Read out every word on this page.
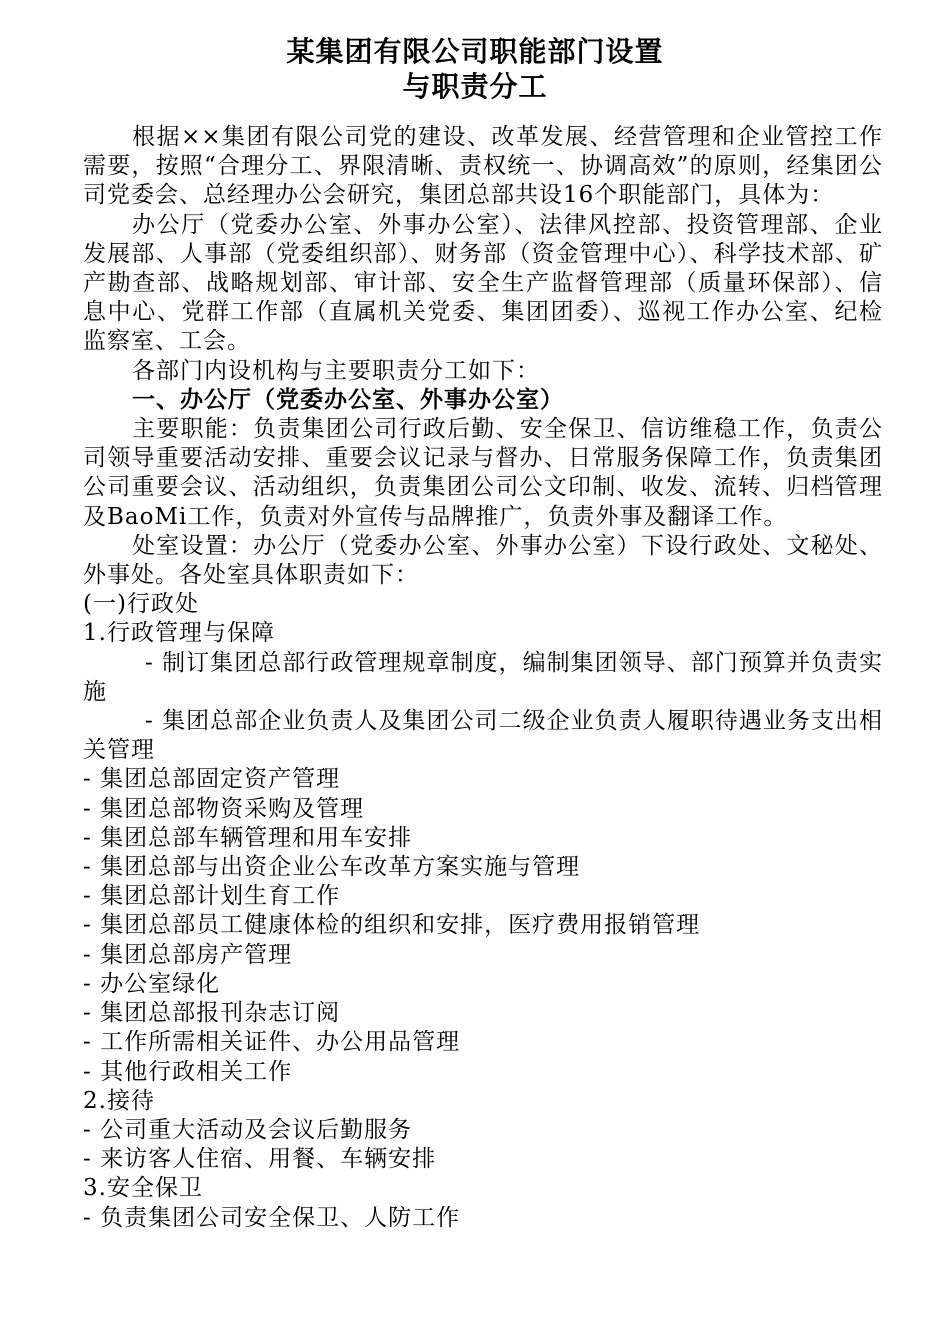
某集团有限公司职能部门设置
与职责分工

根据××集团有限公司党的建设、改革发展、经营管理和企业管控工作需要，按照“合理分工、界限清晰、责权统一、协调高效”的原则，经集团公司党委会、总经理办公会研究，集团总部共设16个职能部门，具体为：

办公厅（党委办公室、外事办公室）、法律风控部、投资管理部、企业发展部、人事部（党委组织部）、财务部（资金管理中心）、科学技术部、矿产勘查部、战略规划部、审计部、安全生产监督管理部（质量环保部）、信息中心、党群工作部（直属机关党委、集团团委）、巡视工作办公室、纪检监察室、工会。

各部门内设机构与主要职责分工如下：

一、办公厅（党委办公室、外事办公室）

主要职能：负责集团公司行政后勤、安全保卫、信访维稳工作，负责公司领导重要活动安排、重要会议记录与督办、日常服务保障工作，负责集团公司重要会议、活动组织，负责集团公司公文印制、收发、流转、归档管理及BaoMi工作，负责对外宣传与品牌推广，负责外事及翻译工作。

处室设置：办公厅（党委办公室、外事办公室）下设行政处、文秘处、外事处。各处室具体职责如下：

(一)行政处

1.行政管理与保障

- 制订集团总部行政管理规章制度，编制集团领导、部门预算并负责实施

- 集团总部企业负责人及集团公司二级企业负责人履职待遇业务支出相关管理

- 集团总部固定资产管理

- 集团总部物资采购及管理

- 集团总部车辆管理和用车安排

- 集团总部与出资企业公车改革方案实施与管理

- 集团总部计划生育工作

- 集团总部员工健康体检的组织和安排，医疗费用报销管理

- 集团总部房产管理

- 办公室绿化

- 集团总部报刊杂志订阅

- 工作所需相关证件、办公用品管理

- 其他行政相关工作

2.接待

- 公司重大活动及会议后勤服务

- 来访客人住宿、用餐、车辆安排

3.安全保卫

- 负责集团公司安全保卫、人防工作
